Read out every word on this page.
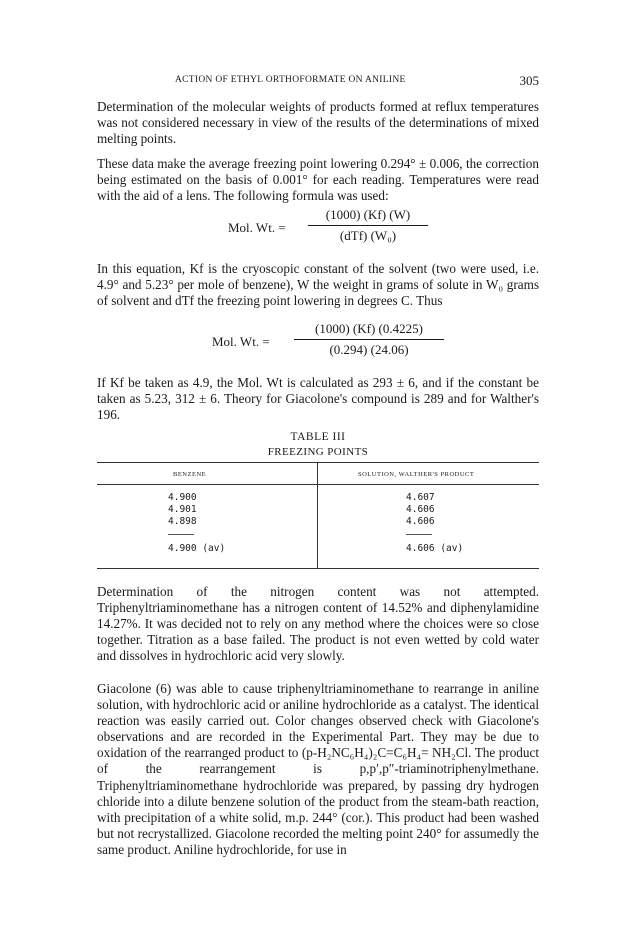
ACTION OF ETHYL ORTHOFORMATE ON ANILINE	305

Determination of the molecular weights of products formed at reflux temperatures was not considered necessary in view of the results of the determinations of mixed melting points.

These data make the average freezing point lowering 0.294° ± 0.006, the correction being estimated on the basis of 0.001° for each reading. Temperatures were read with the aid of a lens. The following formula was used:

Mol. Wt. =
(1000) (Kf) (W)
(dTf) (W₀)

In this equation, Kf is the cryoscopic constant of the solvent (two were used, i.e. 4.9° and 5.23° per mole of benzene), W the weight in grams of solute in W₀ grams of solvent and dTf the freezing point lowering in degrees C. Thus

Mol. Wt. =
(1000) (Kf) (0.4225)
(0.294) (24.06)

If Kf be taken as 4.9, the Mol. Wt is calculated as 293 ± 6, and if the constant be taken as 5.23, 312 ± 6. Theory for Giacolone's compound is 289 and for Walther's 196.

TABLE III
FREEZING POINTS
BENZENE	SOLUTION, WALTHER'S PRODUCT
4.900
4.901
4.898
4.900 (av)
4.607
4.606
4.606
4.606 (av)

Determination of the nitrogen content was not attempted. Triphenyltriaminomethane has a nitrogen content of 14.52% and diphenylamidine 14.27%. It was decided not to rely on any method where the choices were so close together. Titration as a base failed. The product is not even wetted by cold water and dissolves in hydrochloric acid very slowly.

Giacolone (6) was able to cause triphenyltriaminomethane to rearrange in aniline solution, with hydrochloric acid or aniline hydrochloride as a catalyst. The identical reaction was easily carried out. Color changes observed check with Giacolone's observations and are recorded in the Experimental Part. They may be due to oxidation of the rearranged product to (p-H₂NC₆H₄)₂C=C₆H₄= NH₂Cl. The product of the rearrangement is p,p′,p″-triaminotriphenylmethane. Triphenyltriaminomethane hydrochloride was prepared, by passing dry hydrogen chloride into a dilute benzene solution of the product from the steam-bath reaction, with precipitation of a white solid, m.p. 244° (cor.). This product had been washed but not recrystallized. Giacolone recorded the melting point 240° for assumedly the same product. Aniline hydrochloride, for use in
